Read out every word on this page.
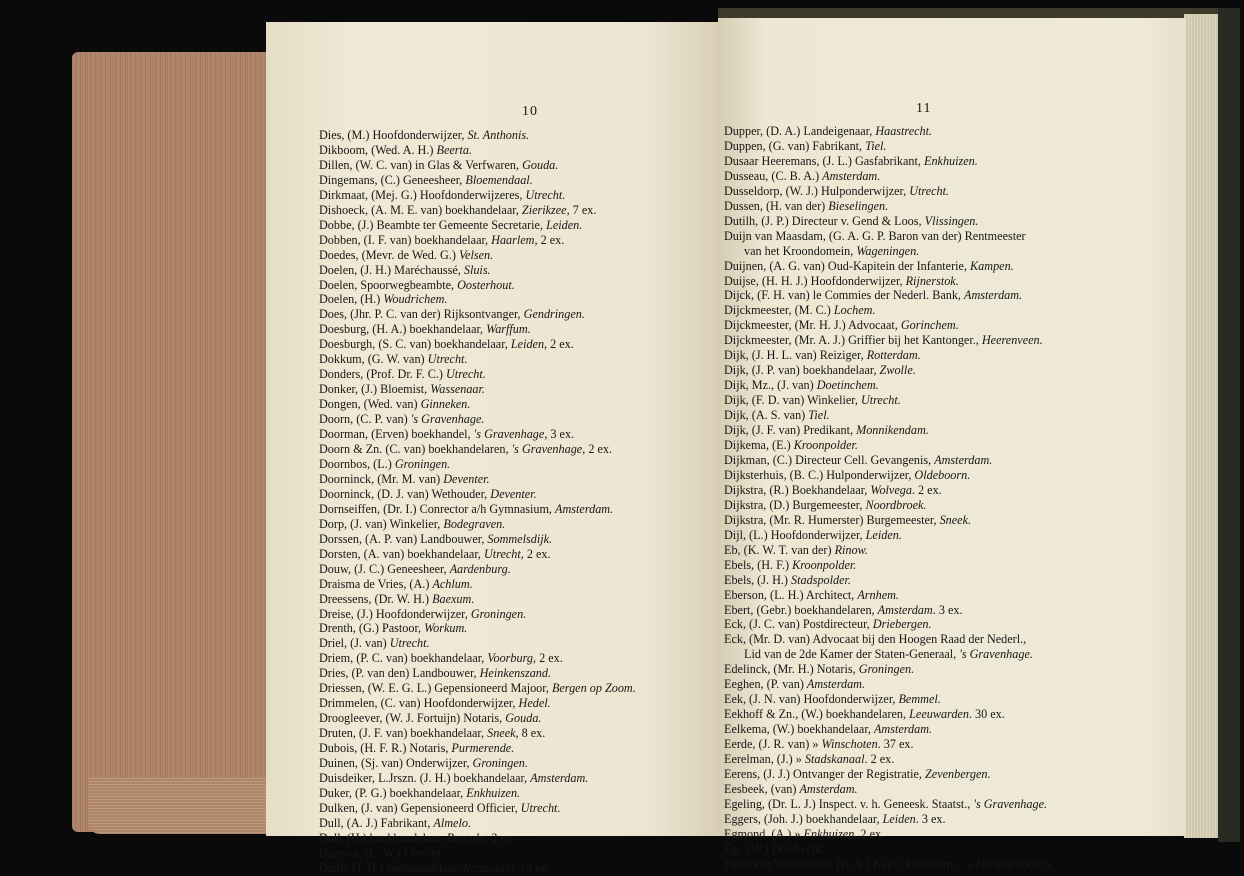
10
Dies, (M.) Hoofdonderwijzer, St. Anthonis.
Dikboom, (Wed. A. H.) Beerta.
Dillen, (W. C. van) in Glas & Verfwaren, Gouda.
Dingemans, (C.) Geneesheer, Bloemendaal.
Dirkmaat, (Mej. G.) Hoofdonderwijzeres, Utrecht.
Dishoeck, (A. M. E. van) boekhandelaar, Zierikzee, 7 ex.
Dobbe, (J.) Beambte ter Gemeente Secretarie, Leiden.
Dobben, (I. F. van) boekhandelaar, Haarlem, 2 ex.
Doedes, (Mevr. de Wed. G.) Velsen.
Doelen, (J. H.) Maréchaussé, Sluis.
Doelen, Spoorwegbeambte, Oosterhout.
Doelen, (H.) Woudrichem.
Does, (Jhr. P. C. van der) Rijksontvanger, Gendringen.
Doesburg, (H. A.) boekhandelaar, Warffum.
Doesburgh, (S. C. van) boekhandelaar, Leiden, 2 ex.
Dokkum, (G. W. van) Utrecht.
Donders, (Prof. Dr. F. C.) Utrecht.
Donker, (J.) Bloemist, Wassenaar.
Dongen, (Wed. van) Ginneken.
Doorn, (C. P. van) 's Gravenhage.
Doorman, (Erven) boekhandel, 's Gravenhage, 3 ex.
Doorn & Zn. (C. van) boekhandelaren, 's Gravenhage, 2 ex.
Doornbos, (L.) Groningen.
Doorninck, (Mr. M. van) Deventer.
Doorninck, (D. J. van) Wethouder, Deventer.
Dornseiffen, (Dr. I.) Conrector a/h Gymnasium, Amsterdam.
Dorp, (J. van) Winkelier, Bodegraven.
Dorssen, (A. P. van) Landbouwer, Sommelsdijk.
Dorsten, (A. van) boekhandelaar, Utrecht, 2 ex.
Douw, (J. C.) Geneesheer, Aardenburg.
Draisma de Vries, (A.) Achlum.
Dreessens, (Dr. W. H.) Baexum.
Dreise, (J.) Hoofdonderwijzer, Groningen.
Drenth, (G.) Pastoor, Workum.
Driel, (J. van) Utrecht.
Driem, (P. C. van) boekhandelaar, Voorburg, 2 ex.
Dries, (P. van den) Landbouwer, Heinkenszand.
Driessen, (W. E. G. L.) Gepensioneerd Majoor, Bergen op Zoom.
Drimmelen, (C. van) Hoofdonderwijzer, Hedel.
Droogleever, (W. J. Fortuijn) Notaris, Gouda.
Druten, (J. F. van) boekhandelaar, Sneek, 8 ex.
Dubois, (H. F. R.) Notaris, Purmerende.
Duinen, (Sj. van) Onderwijzer, Groningen.
Duisdeiker, L.Jrszn. (J. H.) boekhandelaar, Amsterdam.
Duker, (P. G.) boekhandelaar, Enkhuizen.
Dulken, (J. van) Gepensioneerd Officier, Utrecht.
Dull, (A. J.) Fabrikant, Almelo.
Dull, (H.) boekhandelaar, Borculo. 2 ex.
Dumont, (C. W.) Utrecht.
Dunk, (J. H.) boekhandelaar, Rotterdam. 15 ex.
11
Dupper, (D. A.) Landeigenaar, Haastrecht.
Duppen, (G. van) Fabrikant, Tiel.
Dusaar Heeremans, (J. L.) Gasfabrikant, Enkhuizen.
Dusseau, (C. B. A.) Amsterdam.
Dusseldorp, (W. J.) Hulponderwijzer, Utrecht.
Dussen, (H. van der) Bieselingen.
Dutilh, (J. P.) Directeur v. Gend & Loos, Vlissingen.
Duijn van Maasdam, (G. A. G. P. Baron van der) Rentmeester
van het Kroondomein, Wageningen.
Duijnen, (A. G. van) Oud-Kapitein der Infanterie, Kampen.
Duijse, (H. H. J.) Hoofdonderwijzer, Rijnerstok.
Dijck, (F. H. van) le Commies der Nederl. Bank, Amsterdam.
Dijckmeester, (M. C.) Lochem.
Dijckmeester, (Mr. H. J.) Advocaat, Gorinchem.
Dijckmeester, (Mr. A. J.) Griffier bij het Kantonger., Heerenveen.
Dijk, (J. H. L. van) Reiziger, Rotterdam.
Dijk, (J. P. van) boekhandelaar, Zwolle.
Dijk, Mz., (J. van) Doetinchem.
Dijk, (F. D. van) Winkelier, Utrecht.
Dijk, (A. S. van) Tiel.
Dijk, (J. F. van) Predikant, Monnikendam.
Dijkema, (E.) Kroonpolder.
Dijkman, (C.) Directeur Cell. Gevangenis, Amsterdam.
Dijksterhuis, (B. C.) Hulponderwijzer, Oldeboorn.
Dijkstra, (R.) Boekhandelaar, Wolvega. 2 ex.
Dijkstra, (D.) Burgemeester, Noordbroek.
Dijkstra, (Mr. R. Humerster) Burgemeester, Sneek.
Dijl, (L.) Hoofdonderwijzer, Leiden.
Eb, (K. W. T. van der) Rinow.
Ebels, (H. F.) Kroonpolder.
Ebels, (J. H.) Stadspolder.
Eberson, (L. H.) Architect, Arnhem.
Ebert, (Gebr.) boekhandelaren, Amsterdam. 3 ex.
Eck, (J. C. van) Postdirecteur, Driebergen.
Eck, (Mr. D. van) Advocaat bij den Hoogen Raad der Nederl.,
Lid van de 2de Kamer der Staten-Generaal, 's Gravenhage.
Edelinck, (Mr. H.) Notaris, Groningen.
Eeghen, (P. van) Amsterdam.
Eek, (J. N. van) Hoofdonderwijzer, Bemmel.
Eekhoff & Zn., (W.) boekhandelaren, Leeuwarden. 30 ex.
Eelkema, (W.) boekhandelaar, Amsterdam.
Eerde, (J. R. van) » Winschoten. 37 ex.
Eerelman, (J.) » Stadskanaal. 2 ex.
Eerens, (J. J.) Ontvanger der Registratie, Zevenbergen.
Eesbeek, (van) Amsterdam.
Egeling, (Dr. L. J.) Inspect. v. h. Geneesk. Staatst., 's Gravenhage.
Eggers, (Joh. J.) boekhandelaar, Leiden. 3 ex.
Egmond, (A.) » Enkhuizen. 2 ex.
Egt, (W.) Dordrecht.
Egter van Wissekerke, (B. A.) Kapit. kwartierm., 's Hertogenbosch.
